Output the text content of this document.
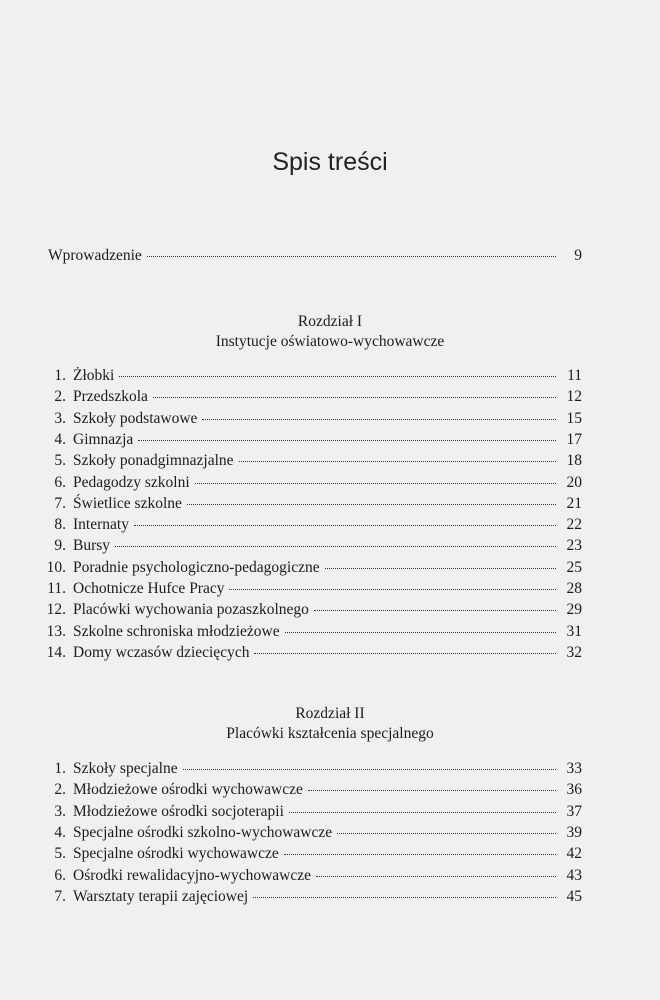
Spis treści
Wprowadzenie	9
Rozdział I
Instytucje oświatowo-wychowawcze
1. Żłobki	11
2. Przedszkola	12
3. Szkoły podstawowe	15
4. Gimnazja	17
5. Szkoły ponadgimnazjalne	18
6. Pedagodzy szkolni	20
7. Świetlice szkolne	21
8. Internaty	22
9. Bursy	23
10. Poradnie psychologiczno-pedagogiczne	25
11. Ochotnicze Hufce Pracy	28
12. Placówki wychowania pozaszkolnego	29
13. Szkolne schroniska młodzieżowe	31
14. Domy wczasów dziecięcych	32
Rozdział II
Placówki kształcenia specjalnego
1. Szkoły specjalne	33
2. Młodzieżowe ośrodki wychowawcze	36
3. Młodzieżowe ośrodki socjoterapii	37
4. Specjalne ośrodki szkolno-wychowawcze	39
5. Specjalne ośrodki wychowawcze	42
6. Ośrodki rewalidacyjno-wychowawcze	43
7. Warsztaty terapii zajęciowej	45
